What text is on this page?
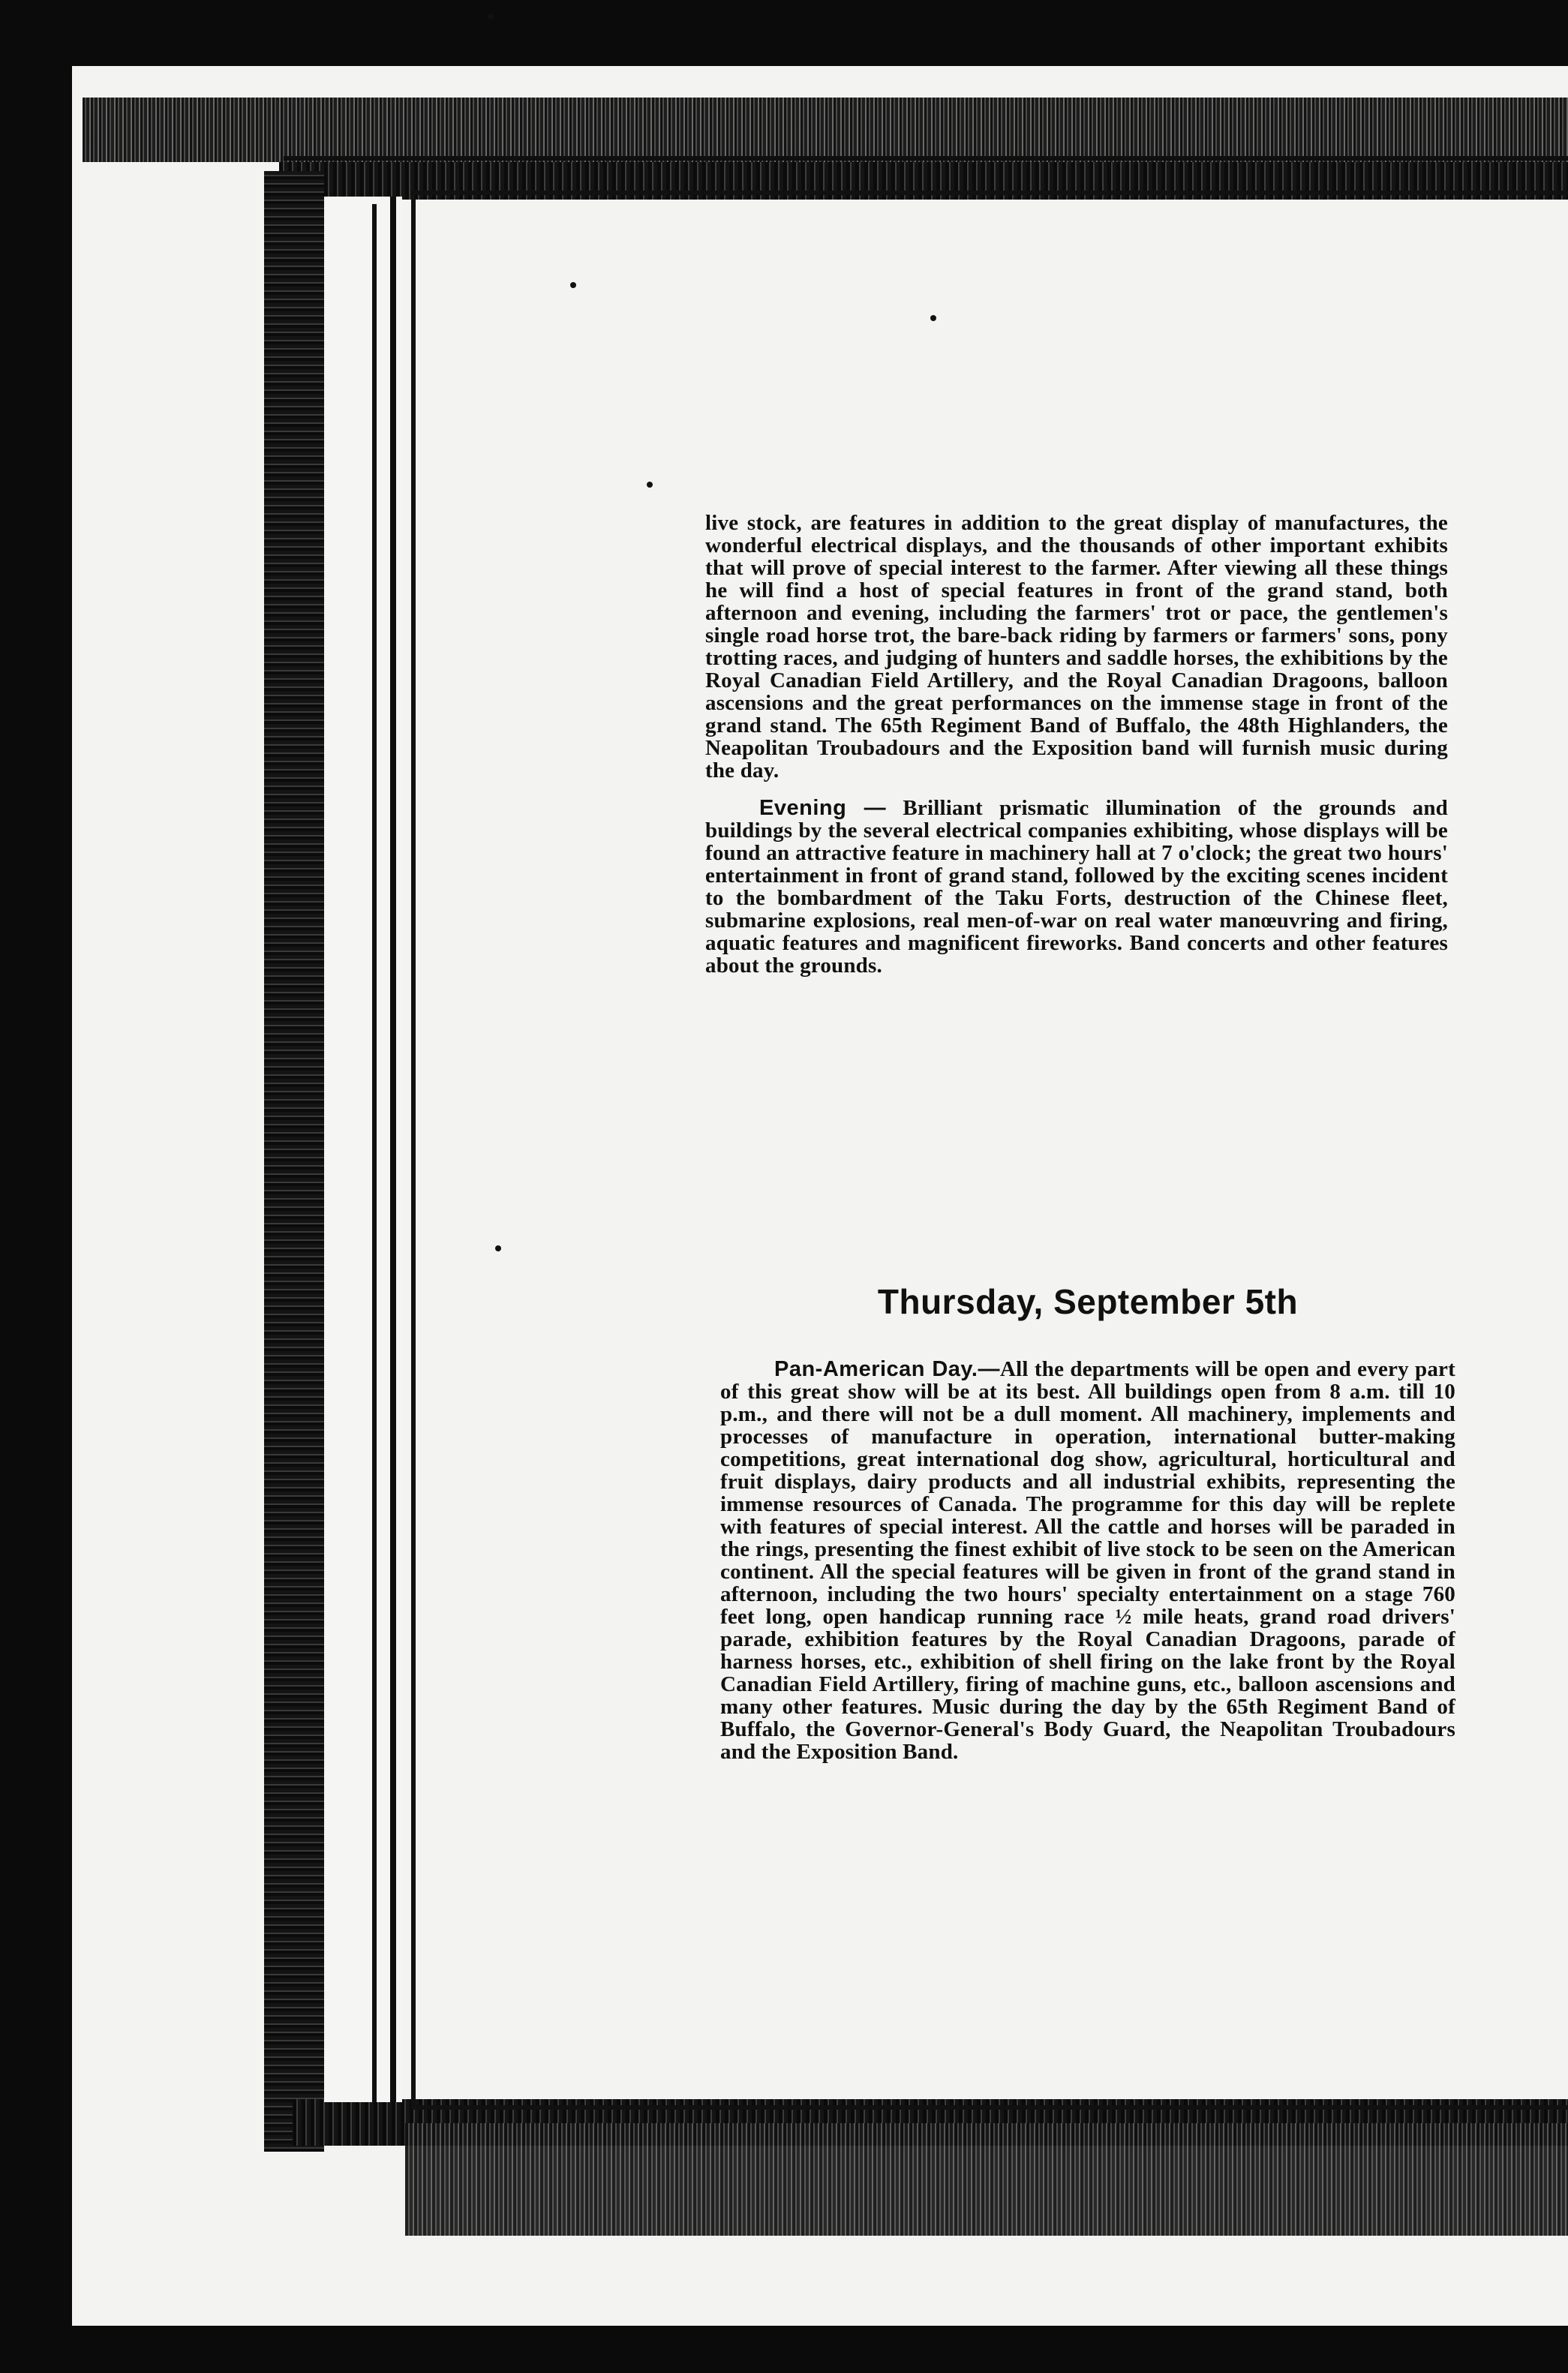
live stock, are features in addition to the great display of manufactures, the wonderful electrical displays, and the thousands of other important exhibits that will prove of special interest to the farmer. After viewing all these things he will find a host of special features in front of the grand stand, both afternoon and evening, including the farmers' trot or pace, the gentlemen's single road horse trot, the bare-back riding by farmers or farmers' sons, pony trotting races, and judging of hunters and saddle horses, the exhibitions by the Royal Canadian Field Artillery, and the Royal Canadian Dragoons, balloon ascensions and the great performances on the immense stage in front of the grand stand. The 65th Regiment Band of Buffalo, the 48th Highlanders, the Neapolitan Troubadours and the Exposition band will furnish music during the day.

Evening — Brilliant prismatic illumination of the grounds and buildings by the several electrical companies exhibiting, whose displays will be found an attractive feature in machinery hall at 7 o'clock; the great two hours' entertainment in front of grand stand, followed by the exciting scenes incident to the bombardment of the Taku Forts, destruction of the Chinese fleet, submarine explosions, real men-of-war on real water manœuvring and firing, aquatic features and magnificent fireworks. Band concerts and other features about the grounds.

Thursday, September 5th

Pan-American Day.—All the departments will be open and every part of this great show will be at its best. All buildings open from 8 a.m. till 10 p.m., and there will not be a dull moment. All machinery, implements and processes of manufacture in operation, international butter-making competitions, great international dog show, agricultural, horticultural and fruit displays, dairy products and all industrial exhibits, representing the immense resources of Canada. The programme for this day will be replete with features of special interest. All the cattle and horses will be paraded in the rings, presenting the finest exhibit of live stock to be seen on the American continent. All the special features will be given in front of the grand stand in afternoon, including the two hours' specialty entertainment on a stage 760 feet long, open handicap running race ½ mile heats, grand road drivers' parade, exhibition features by the Royal Canadian Dragoons, parade of harness horses, etc., exhibition of shell firing on the lake front by the Royal Canadian Field Artillery, firing of machine guns, etc., balloon ascensions and many other features. Music during the day by the 65th Regiment Band of Buffalo, the Governor-General's Body Guard, the Neapolitan Troubadours and the Exposition Band.
